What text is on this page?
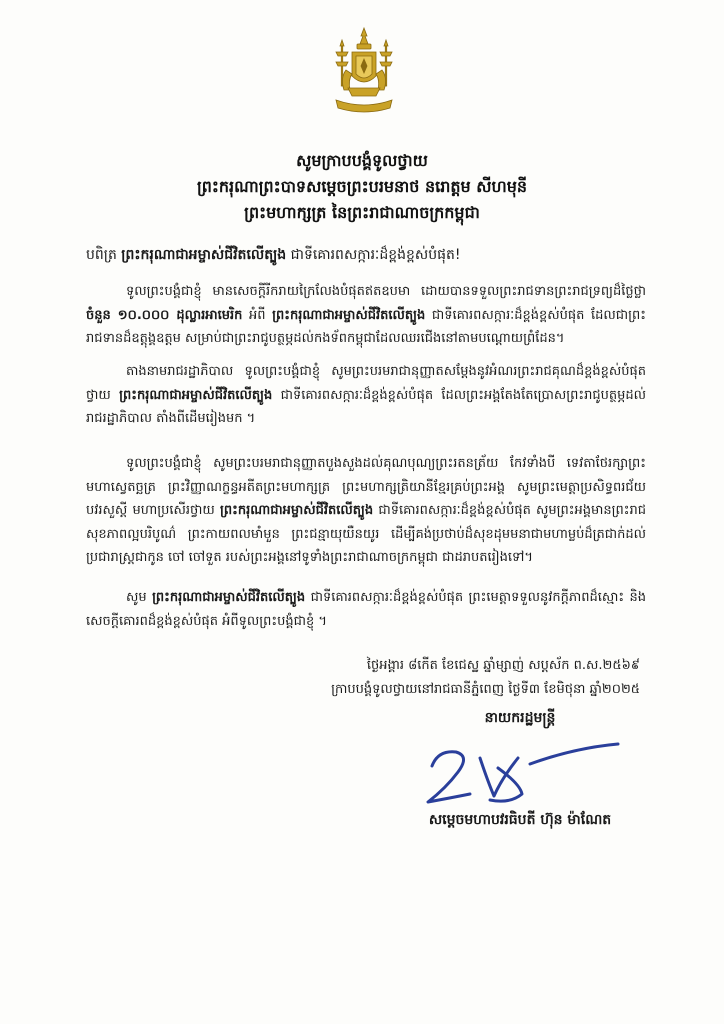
សូមក្រាបបង្គំទូលថ្វាយ
ព្រះករុណាព្រះបាទសម្តេចព្រះបរមនាថ នរោត្តម សីហមុនី
ព្រះមហាក្សត្រ នៃព្រះរាជាណាចក្រកម្ពុជា
បពិត្រ ព្រះករុណាជាអម្ចាស់ជីវិតលើត្បូង ជាទីគោរពសក្ការៈដ៏ខ្ពង់ខ្ពស់បំផុត!
ទូលព្រះបង្គំជាខ្ញុំ មានសេចក្តីរីករាយក្រៃលែងបំផុតឥតឧបមា ដោយបានទទួលព្រះរាជទានព្រះរាជទ្រព្យដ៏ថ្លៃថ្លា ចំនួន ១០.០០០ ដុល្លារអាមេរិក អំពី ព្រះករុណាជាអម្ចាស់ជីវិតលើត្បូង ជាទីគោរពសក្ការៈដ៏ខ្ពង់ខ្ពស់បំផុត ដែលជាព្រះរាជទានដ៏ឧត្តុង្គឧត្តម សម្រាប់ជាព្រះរាជូបត្ថម្ភដល់កងទ័ពកម្ពុជាដែលឈរជើងនៅតាមបណ្តោយព្រំដែន។
តាងនាមរាជរដ្ឋាភិបាល ទូលព្រះបង្គំជាខ្ញុំ សូមព្រះបរមរាជានុញ្ញាតសម្តែងនូវអំណរព្រះរាជគុណដ៏ខ្ពង់ខ្ពស់បំផុត ថ្វាយ ព្រះករុណាជាអម្ចាស់ជីវិតលើត្បូង ជាទីគោរពសក្ការៈដ៏ខ្ពង់ខ្ពស់បំផុត ដែលព្រះអង្គតែងតែប្រោសព្រះរាជូបត្ថម្ភដល់រាជរដ្ឋាភិបាល តាំងពីដើមរៀងមក ។
ទូលព្រះបង្គំជាខ្ញុំ សូមព្រះបរមរាជានុញ្ញាតបួងសួងដល់គុណបុណ្យព្រះរតនត្រ័យ កែវទាំងបី ទេវតាថែរក្សាព្រះមហាស្វេតច្ឆត្រ ព្រះវិញ្ញាណក្ខន្ធអតីតព្រះមហាក្សត្រ ព្រះមហាក្សត្រិយានីខ្មែរគ្រប់ព្រះអង្គ សូមព្រះមេត្តាប្រសិទ្ធពរជ័យ បវរសួស្តី មហាប្រសើរថ្វាយ ព្រះករុណាជាអម្ចាស់ជីវិតលើត្បូង ជាទីគោរពសក្ការៈដ៏ខ្ពង់ខ្ពស់បំផុត សូមព្រះអង្គមានព្រះរាជសុខភាពល្អបរិបូណ៌ ព្រះកាយពលមាំមួន ព្រះជន្មាយុយឺនយូរ ដើម្បីគង់ប្រថាប់ដ៏សុខដុមមនាជាមហាម្លប់ដ៏ត្រជាក់ដល់ប្រជារាស្ត្រជាកូន ចៅ ចៅទួត របស់ព្រះអង្គនៅទូទាំងព្រះរាជាណាចក្រកម្ពុជា ជាដរាបតរៀងទៅ។
សូម ព្រះករុណាជាអម្ចាស់ជីវិតលើត្បូង ជាទីគោរពសក្ការៈដ៏ខ្ពង់ខ្ពស់បំផុត ព្រះមេត្តាទទួលនូវកក្តីភាពដ៏ស្មោះ និងសេចក្តីគោរពដ៏ខ្ពង់ខ្ពស់បំផុត អំពីទូលព្រះបង្គំជាខ្ញុំ ។
ថ្ងៃអង្គារ ៨កើត ខែជេស្ឋ ឆ្នាំម្សាញ់ សប្តស័ក ព.ស.២៥៦៩
ក្រាបបង្គំទូលថ្វាយនៅរាជធានីភ្នំពេញ ថ្ងៃទី៣ ខែមិថុនា ឆ្នាំ២០២៥
នាយករដ្ឋមន្ត្រី
សម្តេចមហាបវរធិបតី ហ៊ុន ម៉ាណែត
